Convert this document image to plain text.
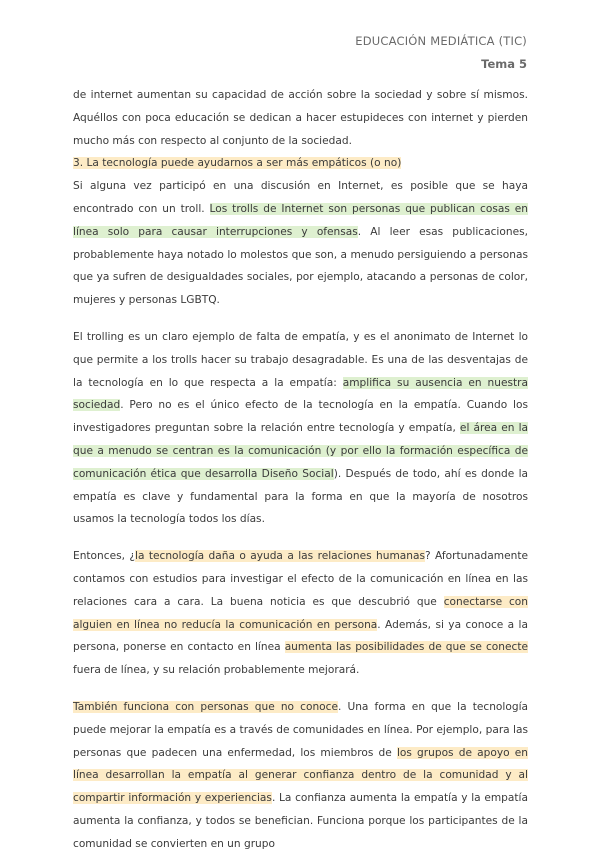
EDUCACIÓN MEDIÁTICA (TIC)
Tema 5

de internet aumentan su capacidad de acción sobre la sociedad y sobre sí mismos. Aquéllos con poca educación se dedican a hacer estupideces con internet y pierden mucho más con respecto al conjunto de la sociedad.

3. La tecnología puede ayudarnos a ser más empáticos (o no)

Si alguna vez participó en una discusión en Internet, es posible que se haya encontrado con un troll. Los trolls de Internet son personas que publican cosas en línea solo para causar interrupciones y ofensas. Al leer esas publicaciones, probablemente haya notado lo molestos que son, a menudo persiguiendo a personas que ya sufren de desigualdades sociales, por ejemplo, atacando a personas de color, mujeres y personas LGBTQ.

El trolling es un claro ejemplo de falta de empatía, y es el anonimato de Internet lo que permite a los trolls hacer su trabajo desagradable. Es una de las desventajas de la tecnología en lo que respecta a la empatía: amplifica su ausencia en nuestra sociedad. Pero no es el único efecto de la tecnología en la empatía. Cuando los investigadores preguntan sobre la relación entre tecnología y empatía, el área en la que a menudo se centran es la comunicación (y por ello la formación específica de comunicación ética que desarrolla Diseño Social). Después de todo, ahí es donde la empatía es clave y fundamental para la forma en que la mayoría de nosotros usamos la tecnología todos los días.

Entonces, ¿la tecnología daña o ayuda a las relaciones humanas? Afortunadamente contamos con estudios para investigar el efecto de la comunicación en línea en las relaciones cara a cara. La buena noticia es que descubrió que conectarse con alguien en línea no reducía la comunicación en persona. Además, si ya conoce a la persona, ponerse en contacto en línea aumenta las posibilidades de que se conecte fuera de línea, y su relación probablemente mejorará.

También funciona con personas que no conoce. Una forma en que la tecnología puede mejorar la empatía es a través de comunidades en línea. Por ejemplo, para las personas que padecen una enfermedad, los miembros de los grupos de apoyo en línea desarrollan la empatía al generar confianza dentro de la comunidad y al compartir información y experiencias. La confianza aumenta la empatía y la empatía aumenta la confianza, y todos se benefician. Funciona porque los participantes de la comunidad se convierten en un grupo
